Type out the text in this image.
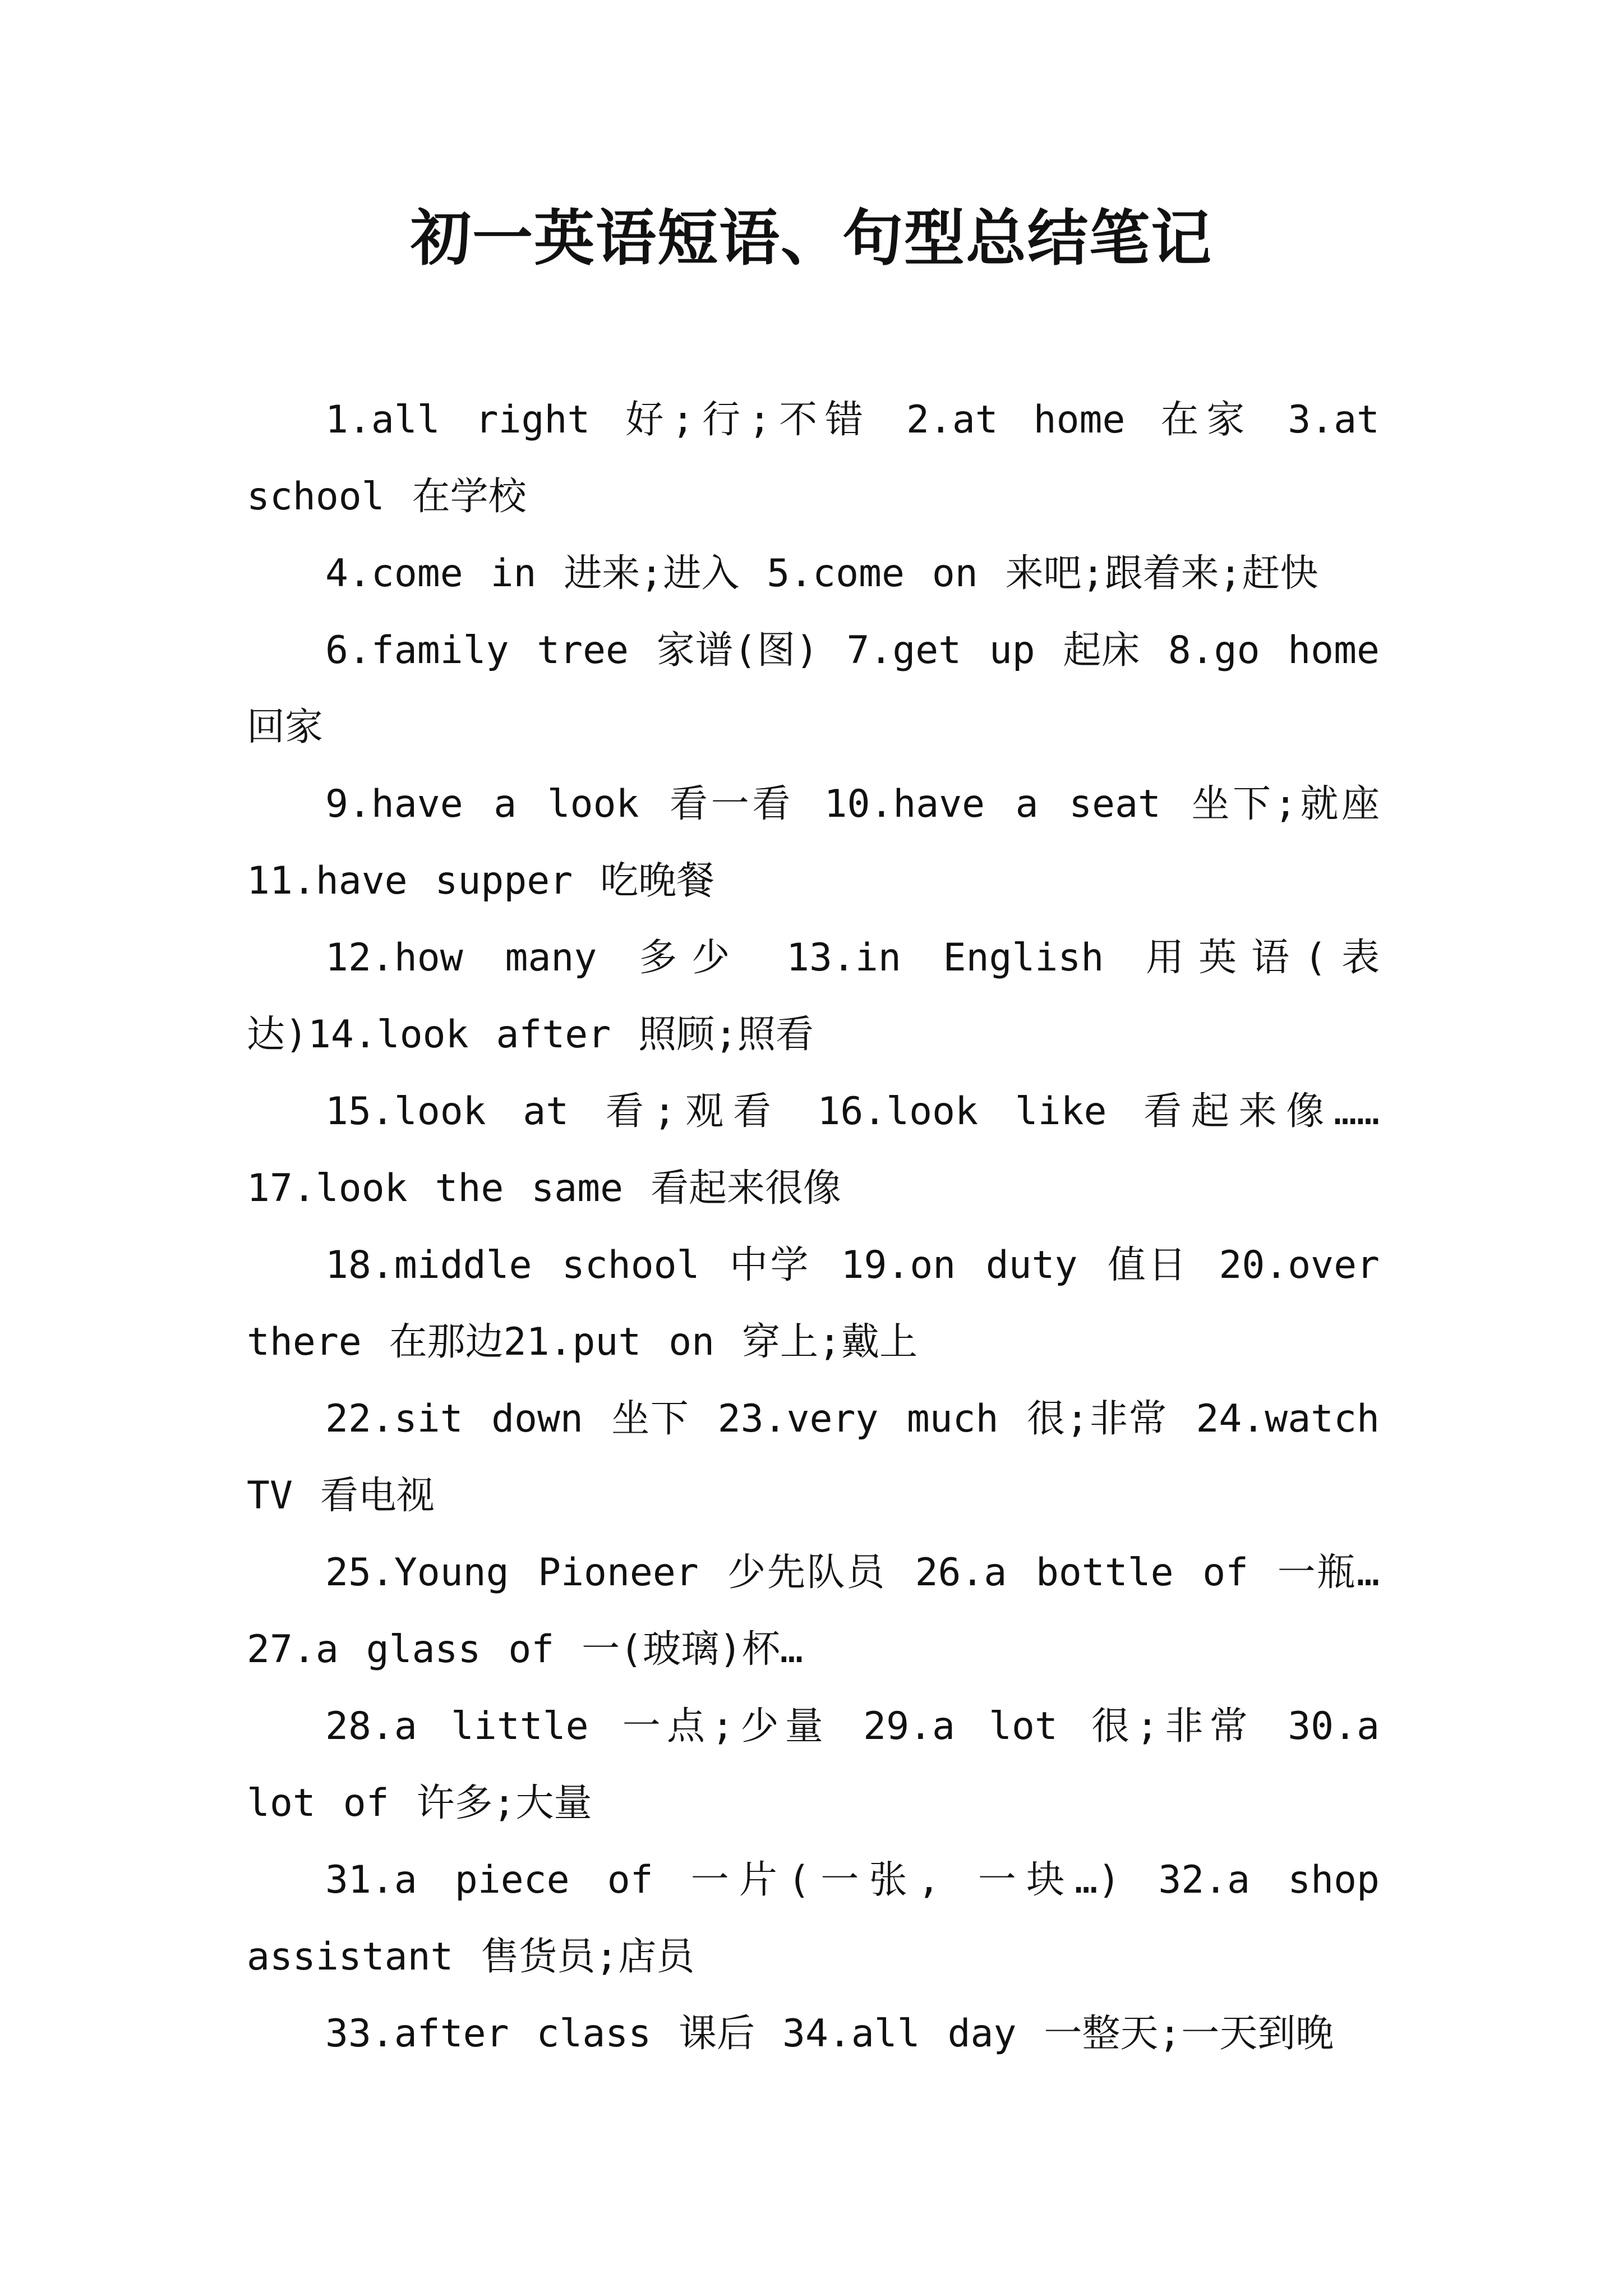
初一英语短语、句型总结笔记

1.all right 好;行;不错 2.at home 在家 3.at school 在学校

4.come in 进来;进入 5.come on 来吧;跟着来;赶快

6.family tree 家谱(图) 7.get up 起床 8.go home 回家

9.have a look 看一看 10.have a seat 坐下;就座 11.have supper 吃晚餐

12.how many 多少 13.in English 用英语(表达)14.look after 照顾;照看

15.look at 看;观看 16.look like 看起来像…… 17.look the same 看起来很像

18.middle school 中学 19.on duty 值日 20.over there 在那边21.put on 穿上;戴上

22.sit down 坐下 23.very much 很;非常 24.watch TV 看电视

25.Young Pioneer 少先队员 26.a bottle of 一瓶… 27.a glass of 一(玻璃)杯…

28.a little 一点;少量 29.a lot 很;非常 30.a lot of 许多;大量

31.a piece of 一片(一张, 一块…) 32.a shop assistant 售货员;店员

33.after class 课后 34.all day 一整天;一天到晚
